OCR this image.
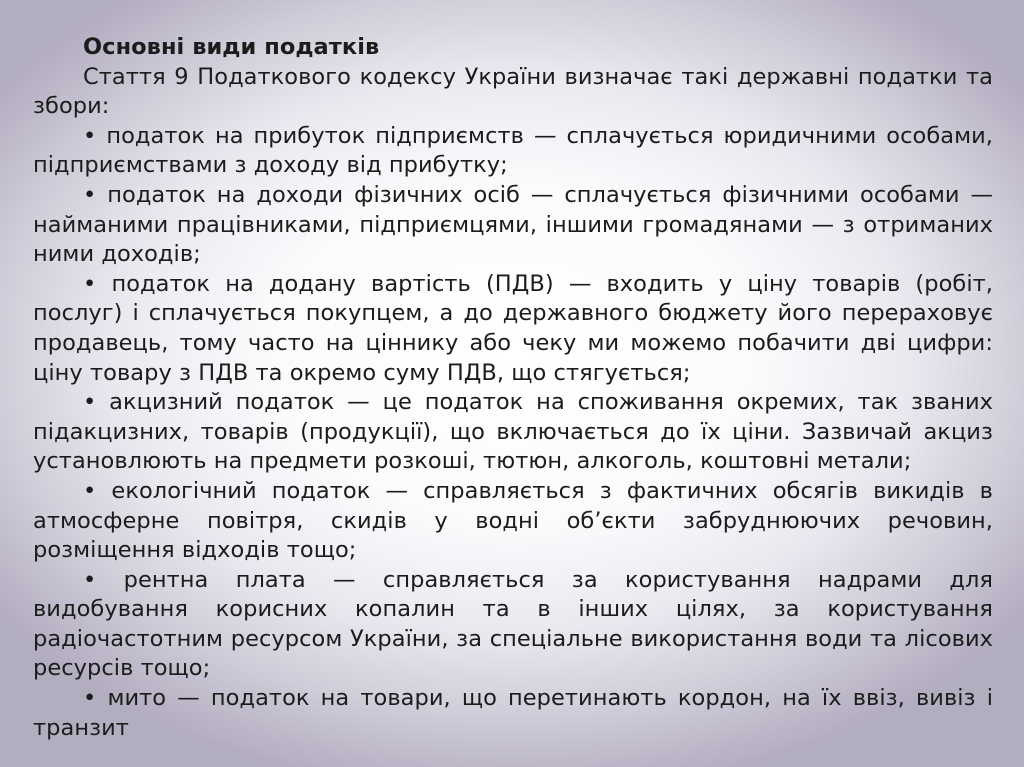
Основні види податків

Стаття 9 Податкового кодексу України визначає такі державні податки та збори:

• податок на прибуток підприємств — сплачується юридичними особами, підприємствами з доходу від прибутку;

• податок на доходи фізичних осіб — сплачується фізичними особами — найманими працівниками, підприємцями, іншими громадянами — з отриманих ними доходів;

• податок на додану вартість (ПДВ) — входить у ціну товарів (робіт, послуг) і сплачується покупцем, а до державного бюджету його перераховує продавець, тому часто на ціннику або чеку ми можемо побачити дві цифри: ціну товару з ПДВ та окремо суму ПДВ, що стягується;

• акцизний податок — це податок на споживання окремих, так званих підакцизних, товарів (продукції), що включається до їх ціни. Зазвичай акциз установлюють на предмети розкоші, тютюн, алкоголь, коштовні метали;

• екологічний податок — справляється з фактичних обсягів викидів в атмосферне повітря, скидів у водні об’єкти забруднюючих речовин, розміщення відходів тощо;

• рентна плата — справляється за користування надрами для видобування корисних копалин та в інших цілях, за користування радіочастотним ресурсом України, за спеціальне використання води та лісових ресурсів тощо;

• мито — податок на товари, що перетинають кордон, на їх ввіз, вивіз і транзит
